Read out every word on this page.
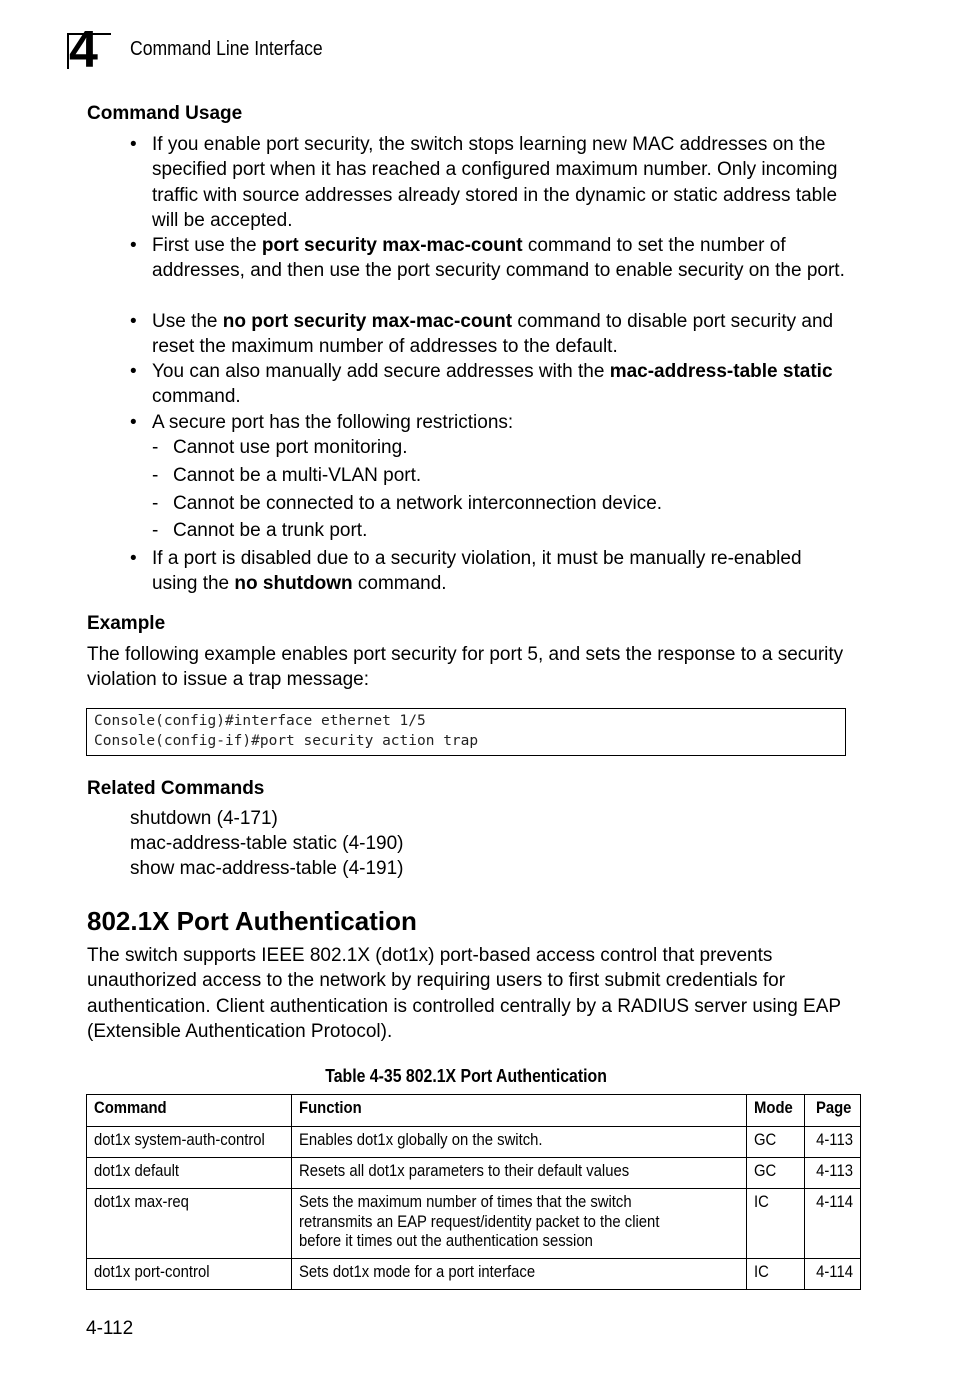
4 Command Line Interface
Command Usage
• If you enable port security, the switch stops learning new MAC addresses on the specified port when it has reached a configured maximum number. Only incoming traffic with source addresses already stored in the dynamic or static address table will be accepted.
• First use the port security max-mac-count command to set the number of addresses, and then use the port security command to enable security on the port.
• Use the no port security max-mac-count command to disable port security and reset the maximum number of addresses to the default.
• You can also manually add secure addresses with the mac-address-table static command.
• A secure port has the following restrictions:
- Cannot use port monitoring.
- Cannot be a multi-VLAN port.
- Cannot be connected to a network interconnection device.
- Cannot be a trunk port.
• If a port is disabled due to a security violation, it must be manually re-enabled using the no shutdown command.
Example
The following example enables port security for port 5, and sets the response to a security violation to issue a trap message:
Console(config)#interface ethernet 1/5
Console(config-if)#port security action trap
Related Commands
shutdown (4-171)
mac-address-table static (4-190)
show mac-address-table (4-191)
802.1X Port Authentication
The switch supports IEEE 802.1X (dot1x) port-based access control that prevents unauthorized access to the network by requiring users to first submit credentials for authentication. Client authentication is controlled centrally by a RADIUS server using EAP (Extensible Authentication Protocol).
Table 4-35 802.1X Port Authentication
Command	Function	Mode	Page
dot1x system-auth-control	Enables dot1x globally on the switch.	GC	4-113
dot1x default	Resets all dot1x parameters to their default values	GC	4-113
dot1x max-req	Sets the maximum number of times that the switch retransmits an EAP request/identity packet to the client before it times out the authentication session	IC	4-114
dot1x port-control	Sets dot1x mode for a port interface	IC	4-114
4-112
